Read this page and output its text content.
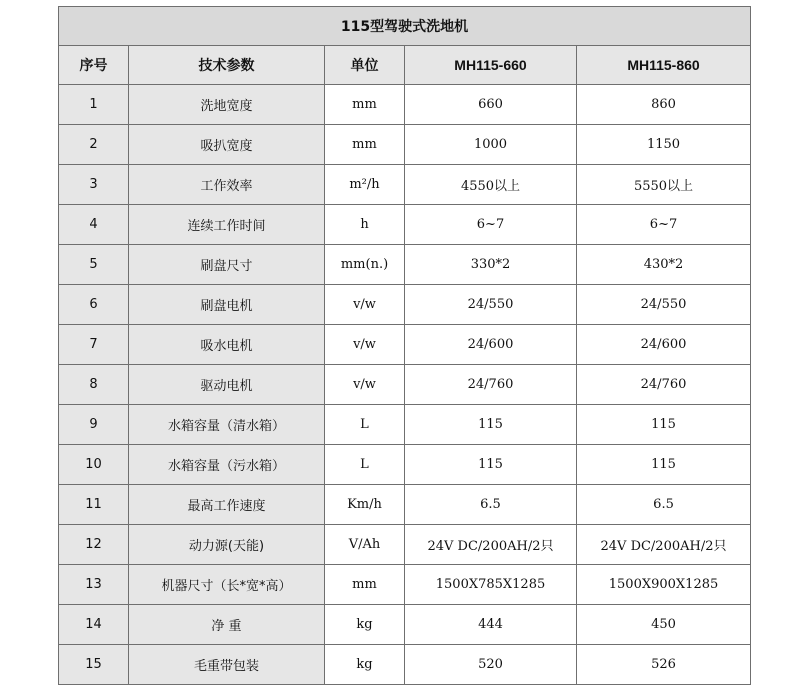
115型驾驶式洗地机				
序号	技术参数	单位	MH115-660	MH115-860
1	洗地宽度	mm	660	860
2	吸扒宽度	mm	1000	1150
3	工作效率	m²/h	4550以上	5550以上
4	连续工作时间	h	6~7	6~7
5	刷盘尺寸	mm(n.)	330*2	430*2
6	刷盘电机	v/w	24/550	24/550
7	吸水电机	v/w	24/600	24/600
8	驱动电机	v/w	24/760	24/760
9	水箱容量（清水箱）	L	115	115
10	水箱容量（污水箱）	L	115	115
11	最高工作速度	Km/h	6.5	6.5
12	动力源(天能)	V/Ah	24V DC/200AH/2只	24V DC/200AH/2只
13	机器尺寸（长*宽*高）	mm	1500X785X1285	1500X900X1285
14	净 重	kg	444	450
15	毛重带包装	kg	520	526
